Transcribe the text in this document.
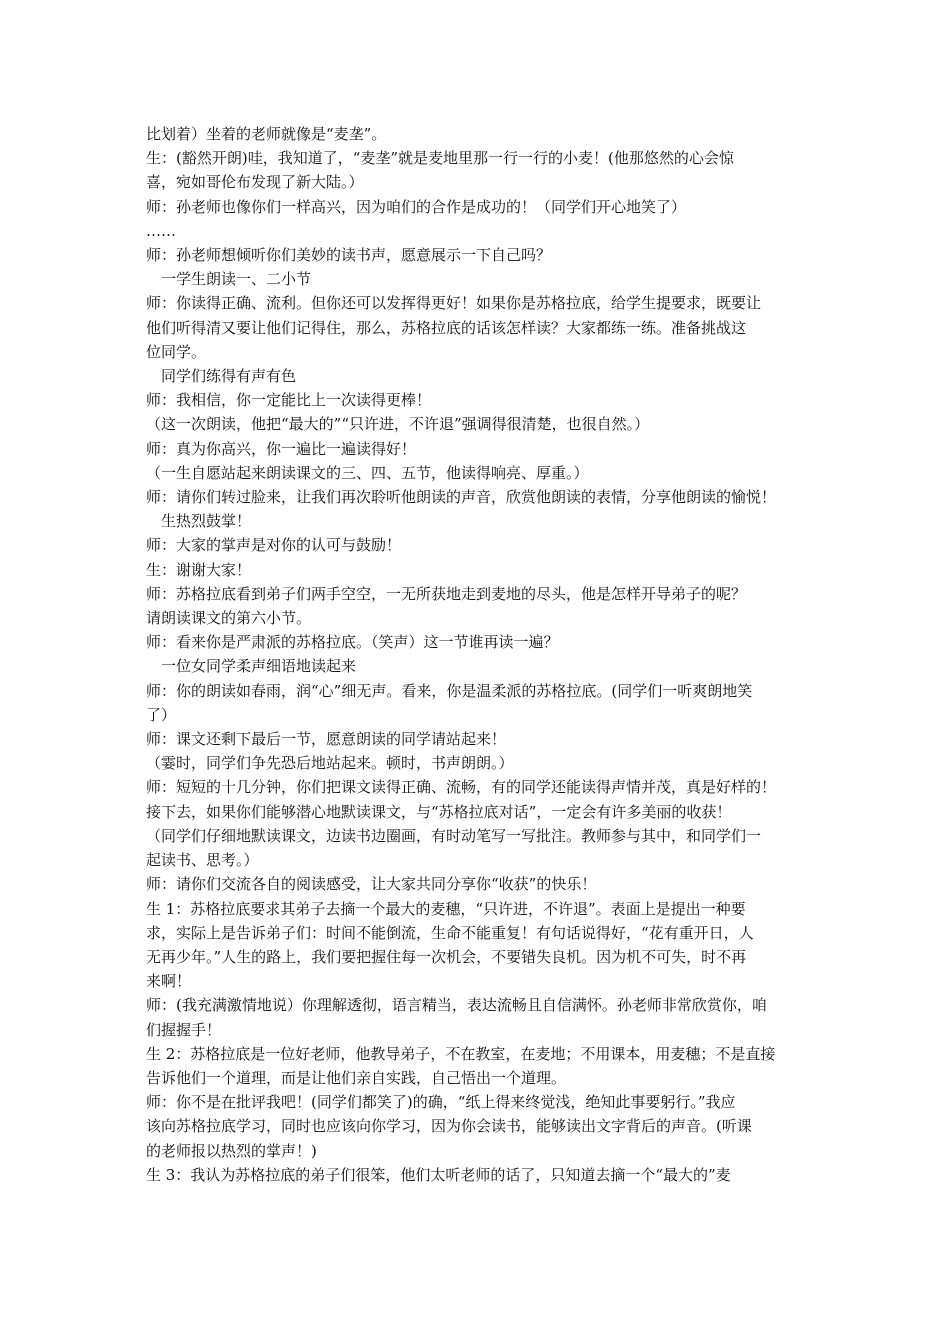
比划着）坐着的老师就像是“麦垄”。
生：(豁然开朗)哇，我知道了，“麦垄”就是麦地里那一行一行的小麦！(他那悠然的心会惊
喜，宛如哥伦布发现了新大陆。）
师：孙老师也像你们一样高兴，因为咱们的合作是成功的！（同学们开心地笑了）
……
师：孙老师想倾听你们美妙的读书声，愿意展示一下自己吗？
一学生朗读一、二小节
师：你读得正确、流利。但你还可以发挥得更好！如果你是苏格拉底，给学生提要求，既要让
他们听得清又要让他们记得住，那么，苏格拉底的话该怎样读？大家都练一练。准备挑战这
位同学。
同学们练得有声有色
师：我相信，你一定能比上一次读得更棒！
（这一次朗读，他把“最大的”“只许进，不许退”强调得很清楚，也很自然。）
师：真为你高兴，你一遍比一遍读得好！
（一生自愿站起来朗读课文的三、四、五节，他读得响亮、厚重。）
师：请你们转过脸来，让我们再次聆听他朗读的声音，欣赏他朗读的表情，分享他朗读的愉悦！
生热烈鼓掌！
师：大家的掌声是对你的认可与鼓励！
生：谢谢大家！
师：苏格拉底看到弟子们两手空空，一无所获地走到麦地的尽头，他是怎样开导弟子的呢？
请朗读课文的第六小节。
师：看来你是严肃派的苏格拉底。（笑声）这一节谁再读一遍？
一位女同学柔声细语地读起来
师：你的朗读如春雨，润“心”细无声。看来，你是温柔派的苏格拉底。(同学们一听爽朗地笑
了）
师：课文还剩下最后一节，愿意朗读的同学请站起来！
（霎时，同学们争先恐后地站起来。顿时，书声朗朗。）
师：短短的十几分钟，你们把课文读得正确、流畅，有的同学还能读得声情并茂，真是好样的！
接下去，如果你们能够潜心地默读课文，与“苏格拉底对话”，一定会有许多美丽的收获！
（同学们仔细地默读课文，边读书边圈画，有时动笔写一写批注。教师参与其中，和同学们一
起读书、思考。）
师：请你们交流各自的阅读感受，让大家共同分享你“收获”的快乐！
生 1：苏格拉底要求其弟子去摘一个最大的麦穗，“只许进，不许退”。表面上是提出一种要
求，实际上是告诉弟子们：时间不能倒流，生命不能重复！有句话说得好，“花有重开日，人
无再少年。”人生的路上，我们要把握住每一次机会，不要错失良机。因为机不可失，时不再
来啊！
师：(我充满激情地说）你理解透彻，语言精当，表达流畅且自信满怀。孙老师非常欣赏你，咱
们握握手！
生 2：苏格拉底是一位好老师，他教导弟子，不在教室，在麦地；不用课本，用麦穗；不是直接
告诉他们一个道理，而是让他们亲自实践，自己悟出一个道理。
师：你不是在批评我吧！(同学们都笑了)的确，“纸上得来终觉浅，绝知此事要躬行。”我应
该向苏格拉底学习，同时也应该向你学习，因为你会读书，能够读出文字背后的声音。(听课
的老师报以热烈的掌声！)
生 3：我认为苏格拉底的弟子们很笨，他们太听老师的话了，只知道去摘一个“最大的”麦
